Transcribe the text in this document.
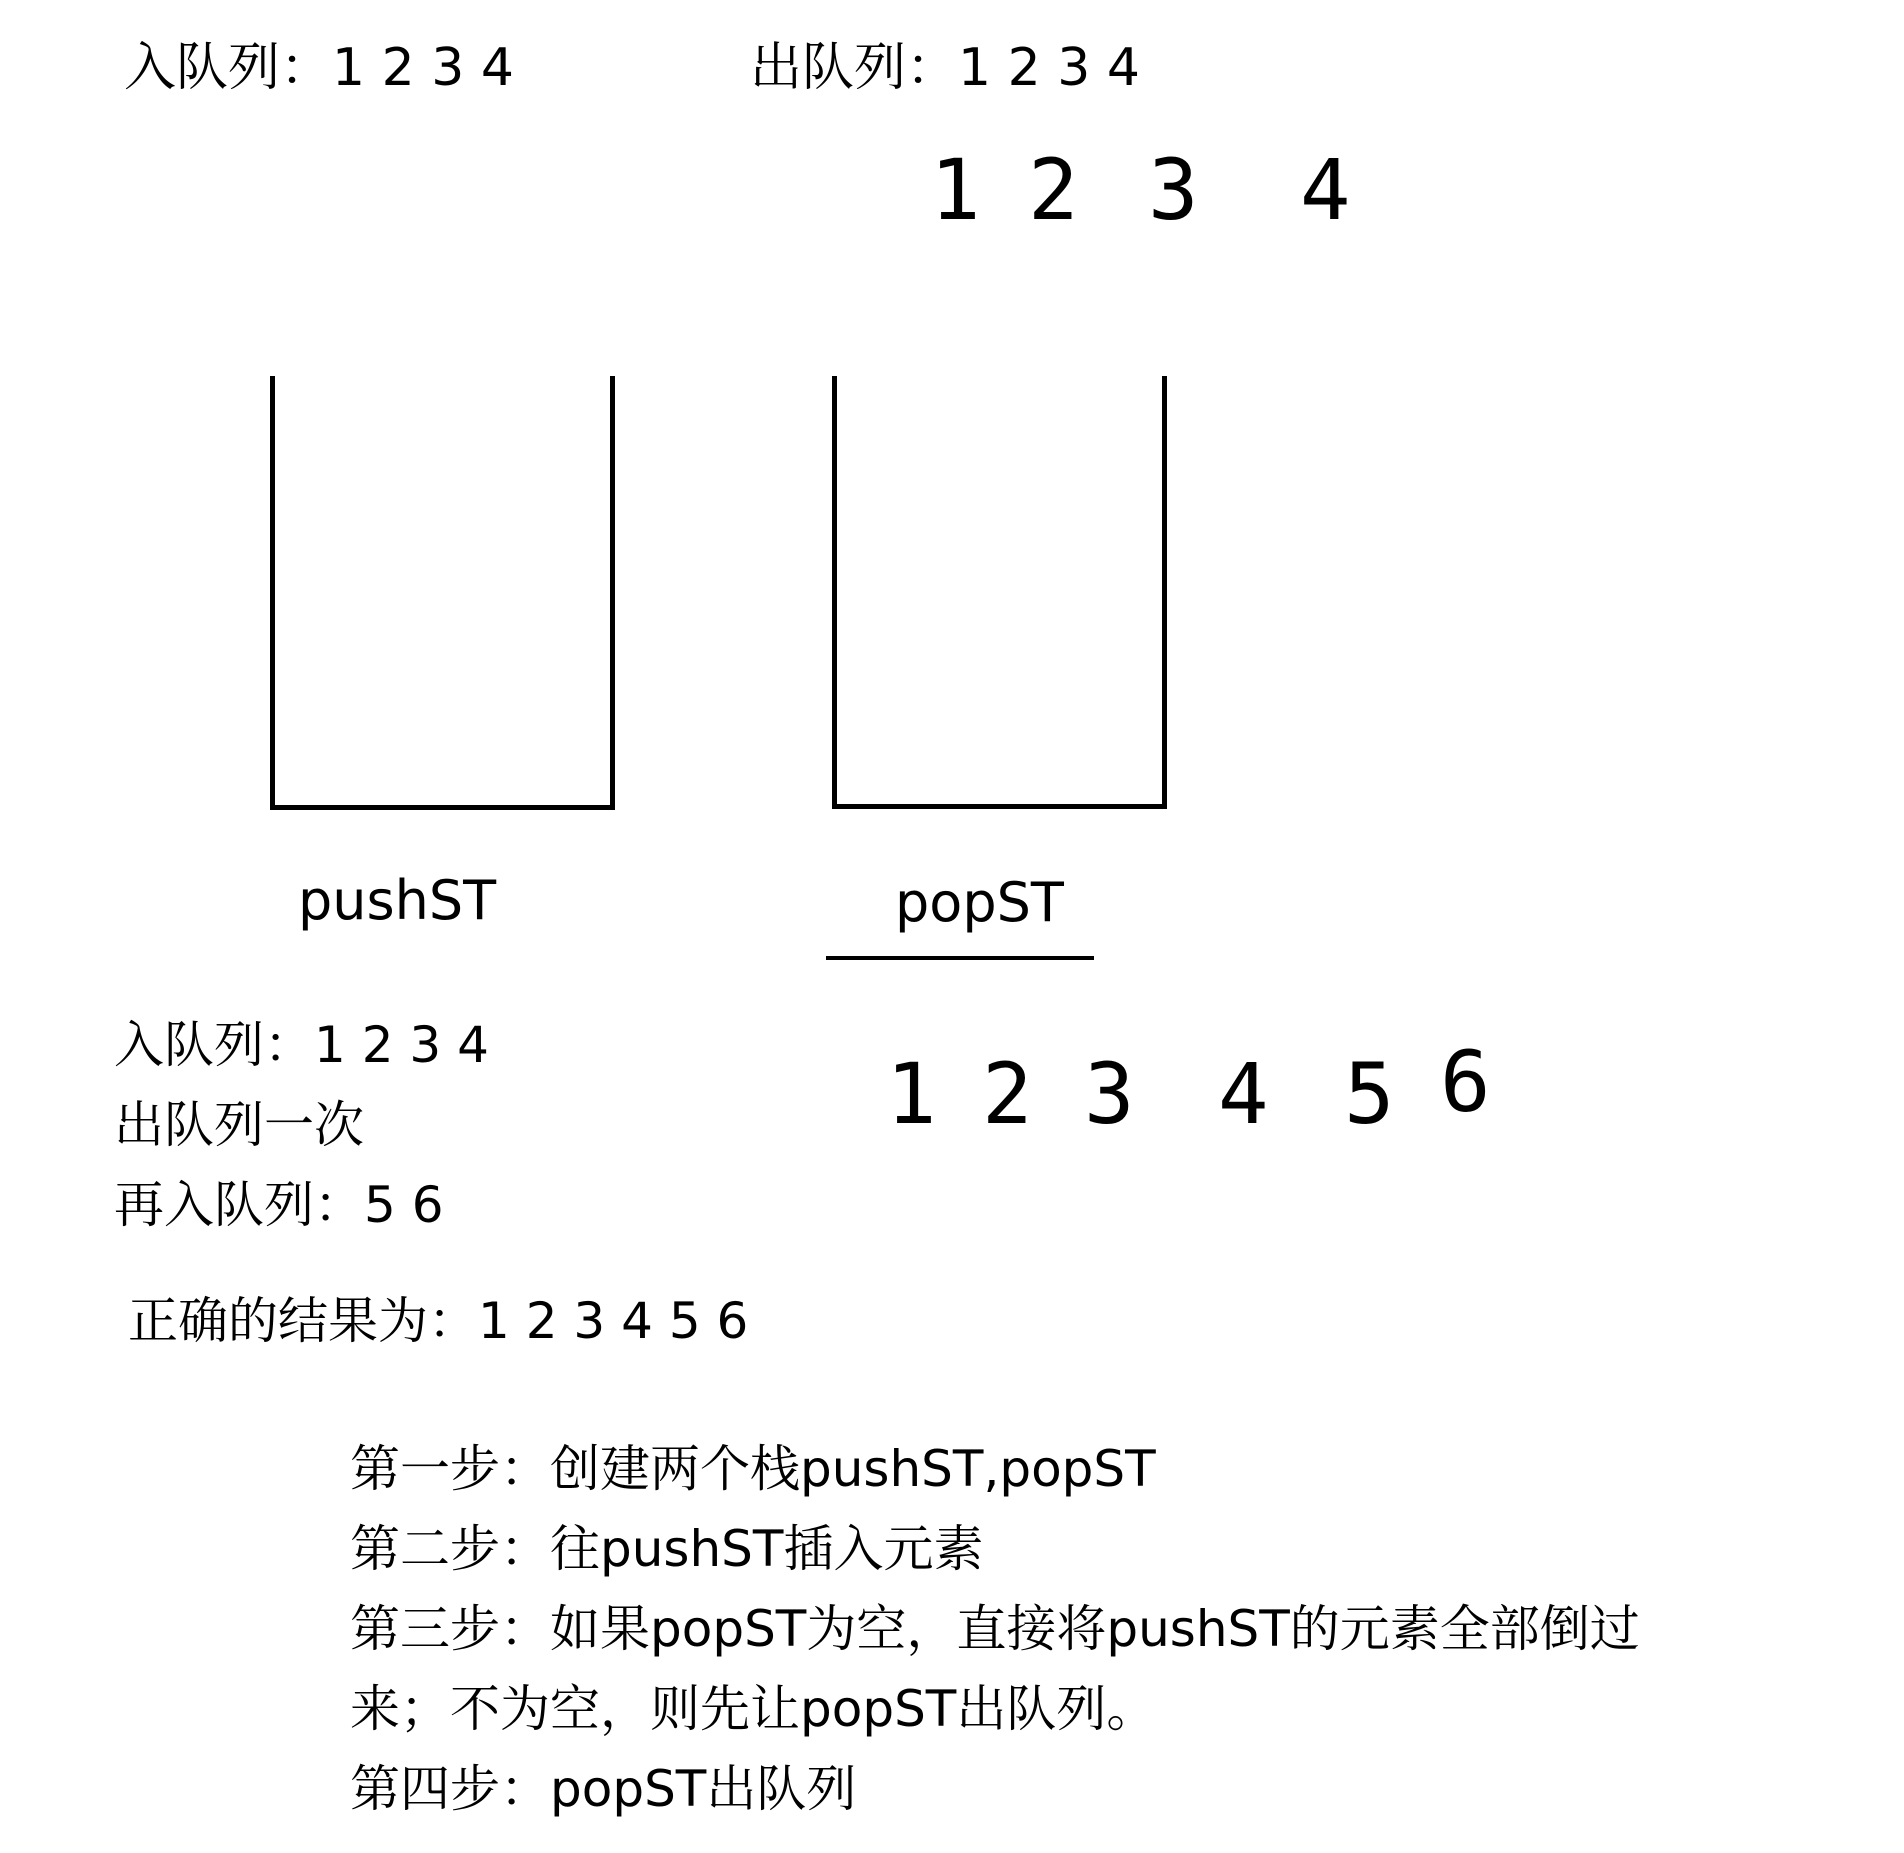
入队列：1 2 3 4	出队列：1 2 3 4
1 2 3 4
pushST	popST
入队列：1 2 3 4
出队列一次
再入队列：5 6
1 2 3 4 5 6
正确的结果为：1 2 3 4 5 6
第一步：创建两个栈pushST,popST
第二步：往pushST插入元素
第三步：如果popST为空，直接将pushST的元素全部倒过
来；不为空，则先让popST出队列。
第四步：popST出队列
